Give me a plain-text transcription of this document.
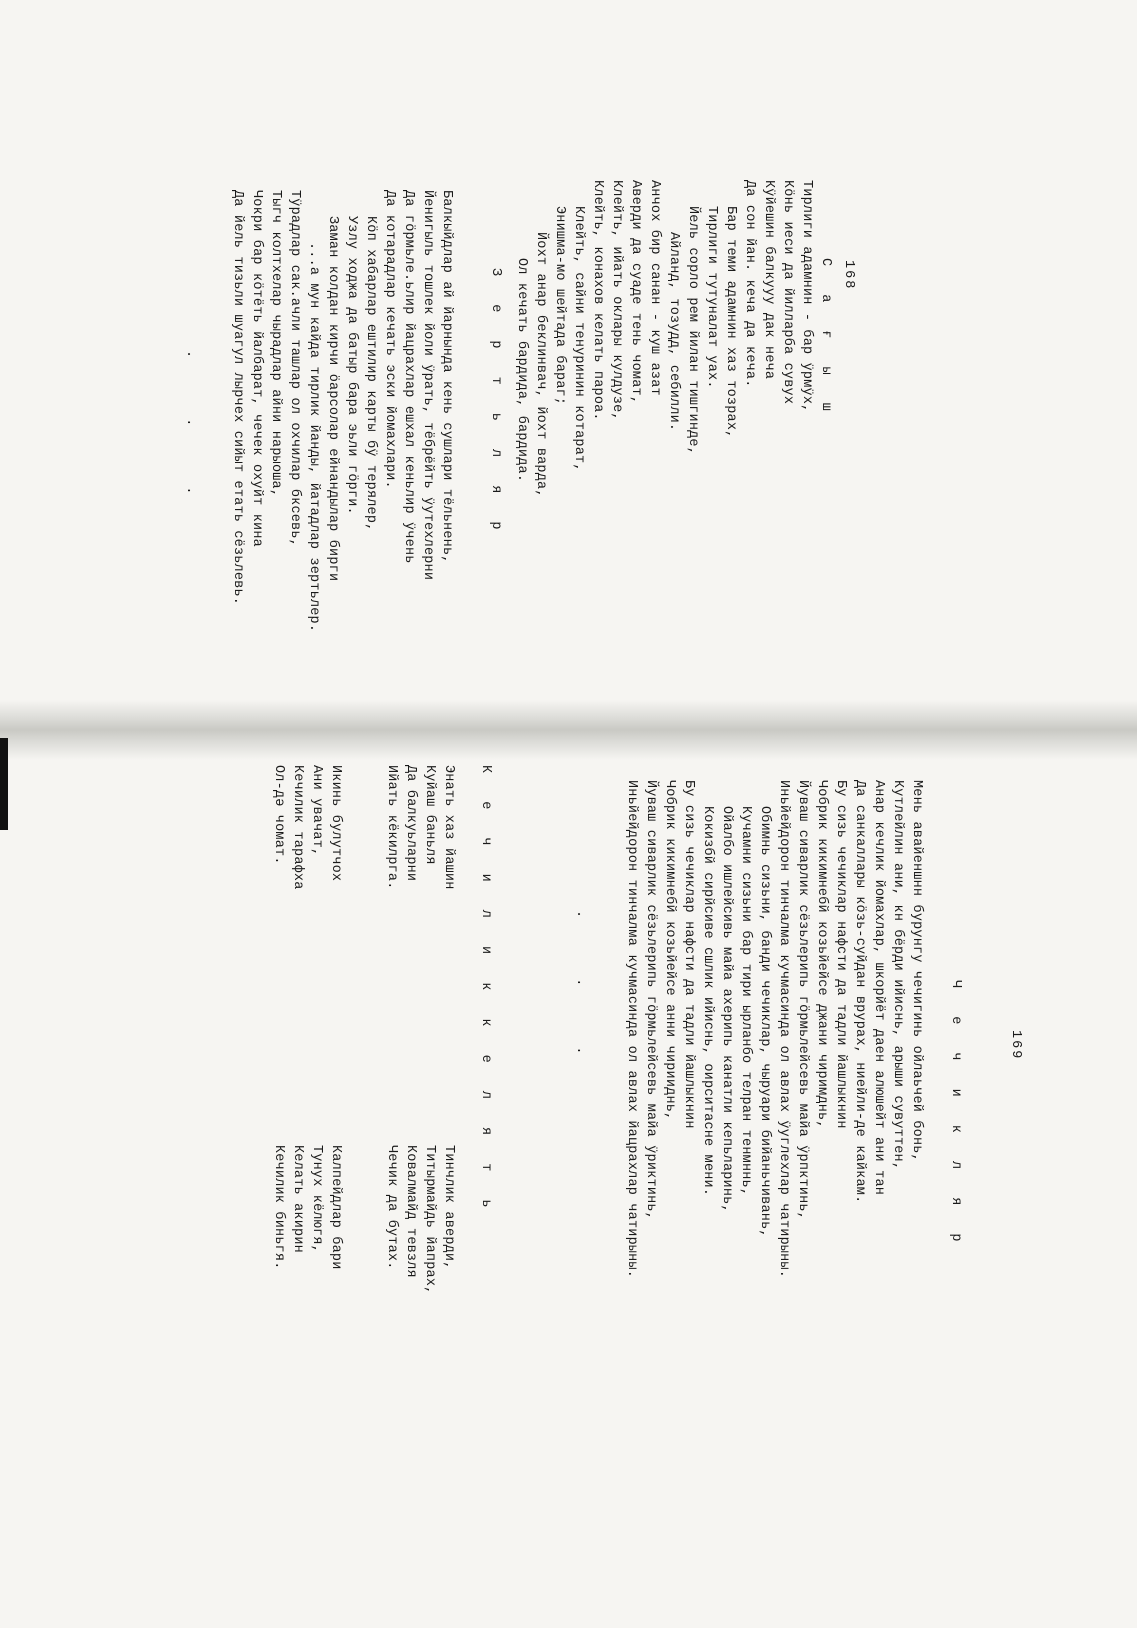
168
С а ғ ы ш
Тирлиги адамнин - бар ӱрмӱх,
Кӧнь иеси да йилларба сувух
Кӱйешин балкууу дак неча
Да сон йан. кеча да кеча.
Бар теми адамнин хаз тозрах,
Тирлиги тутуналат уах.
Йель сорло рем йилан тишгинде,
Айланд, тозудд, себилли.
Анчох бир санан - куш азат
Аверди да суаде тень чомат,
Клейть, ийать оклары кулдузе,
Клейть, конахов келать пароа.
Клейть, сайни тенуринин котарат,
Энишма-мо шейтада бараг;
Йохт анар беклинвач, йохт варда,
Ол кечать бардида, бардида.
З е р т ь л я р
Балкыйдлар ай йарнында кень сушлари тёльнень,
Йенигыль тошлек йоли ӱрать, тёбрёйть ӱутехлерни
Да гӧрмьле.ьлир йацрахлар ешхал кеньлир ӱчень
Да котарадлар кечать эски йомахлари.
Кӧп хабарлар ештилир карты бӱ терялер,
Узлу ходжа да батыр бара эьли гӧрги.
Заман колдан кирчи ӧарсолар ейнандылар бирги
...а мун кайда тирлик йанды, йатадлар зертьлер.
Тӱрадлар сак.ачли ташлар ол охчилар бксевь,
Тыгч колтхелар чырадлар айни нарыоша,
Чокри бар кӧтёть йалбарат, чечек охуйт кина
Да йель тизьли шуагул лырчех сийыт етать сёзьлевь.
. . .
169
Ч е ч и к л я р
Мень авайеншнн бурунгу чечигинь ойлаьчей бонь,
Кутлейлин ани, кн бёрди ийиснь, арыши сувуттен,
Анар кечлик йомахлар, шкорйёт даен алюшейт ани тан
Да санкаллары кӧзь-суйдан врурах, ниейли-де кайкам.
Бу сизь чечиклар нафсти да тадли йашлыкнин
Чобрик кикимнебй козьйейсе джани чиримднь,
Йуваш сиварлик сёзьлерипь гӧрмьлейсевь майа ӱрпктинь,
Иньйейдорон тинчалма кучмасинда ол авлах ӱуглехлар чатирыны.
Обимнь сизьни, банди чечиклар, чыруари бийаньчивань,
Кучамни сизьни бар тири ырланбо телран тенмннь,
Ойалбо ишлейсивь майа ахерипь канатли кепьларинь,
Кокизбй сирйсиве сшлик ийиснь, оирситасне мени.
Бу сизь чечиклар нафсти да тадли йашлыкнин
Чобрик кикимнебй козьйейсе анни чирииднь,
Йуваш сиварлик сёзьлерипь гӧрмьлейсевь майа ӱриктинь,
Иньйейдорон тинчалма кучмасинда ол авлах йацрахлар чатирыны.
К е ч и л и к к е л я т ь
Энать хаз йашин
Куйаш баньля
Да балкуьларни
Ийать кёкилрга.
Икинь булутчох
Ани увачат,
Кечилик тарафха
Ол-дә чомат.
Тинчлик аверди,
Титырмайдь йапрах,
Ковалмайд тевзля
Чечик да бутах.
Калпейдлар бари
Тунух кёлюгя,
Келать акирин
Кечилик биньгя.
. . .
